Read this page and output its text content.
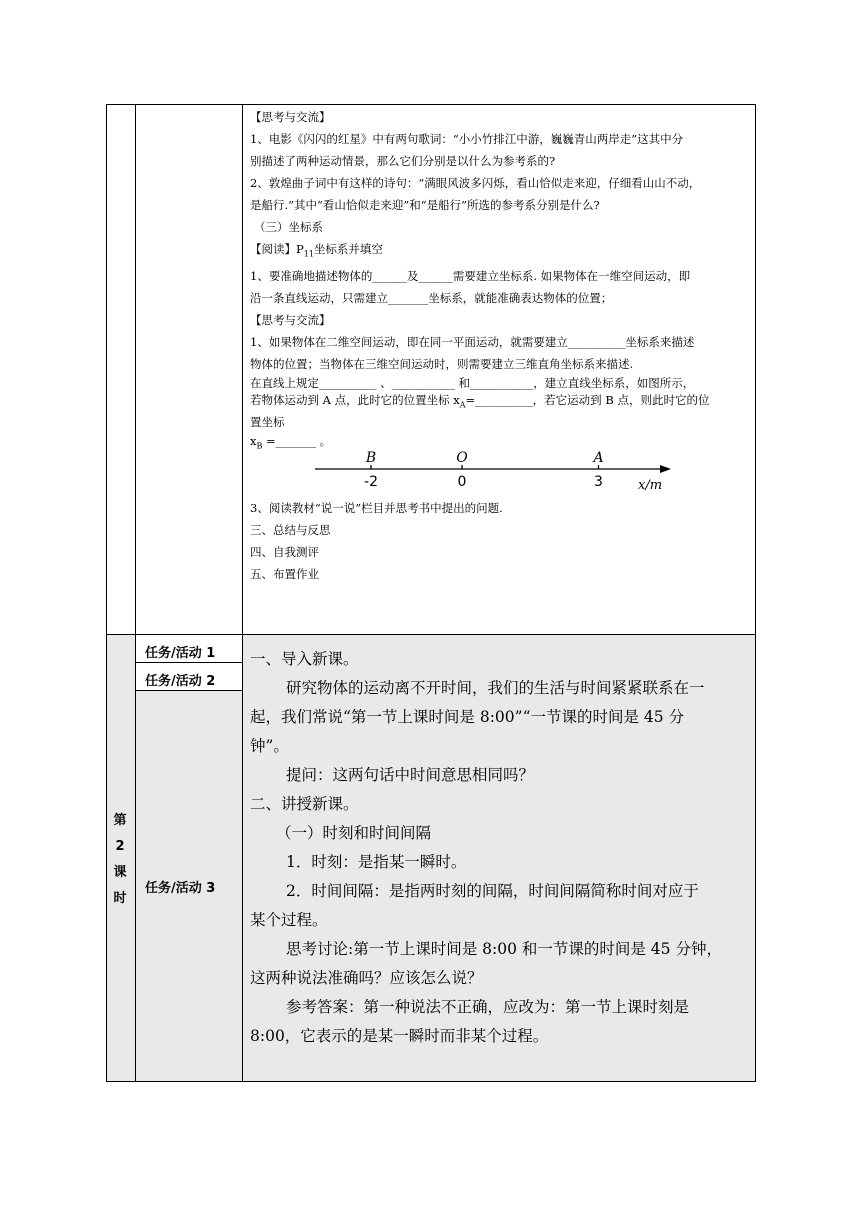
【思考与交流】
1、电影《闪闪的红星》中有两句歌词：“小小竹排江中游，巍巍青山两岸走”这其中分
别描述了两种运动情景，那么它们分别是以什么为参考系的?
2、敦煌曲子词中有这样的诗句：“满眼风波多闪烁，看山恰似走来迎，仔细看山山不动，
是船行.”其中“看山恰似走来迎”和“是船行”所选的参考系分别是什么?
（三）坐标系
【阅读】$P_{11}$坐标系并填空
1、要准确地描述物体的______及______需要建立坐标系. 如果物体在一维空间运动，即
沿一条直线运动，只需建立_______坐标系，就能准确表达物体的位置；
【思考与交流】
1、如果物体在二维空间运动，即在同一平面运动，就需要建立__________坐标系来描述
物体的位置；当物体在三维空间运动时，则需要建立三维直角坐标系来描述.
在直线上规定__________ 、___________ 和___________，建立直线坐标系，如图所示，
若物体运动到 A 点，此时它的位置坐标 $x_A=\_\_\_\_\_\_\_\_\_\_$，若它运动到 B 点，则此时它的位
置坐标
$x_B$ =_______ 。
B
-2
O
0
A
3	x/m
3、阅读教材“说一说”栏目并思考书中提出的问题.
三、总结与反思
四、自我测评
五、布置作业
任务/活动 1
任务/活动 2
任务/活动 3
第
2
课
时
一、导入新课。
研究物体的运动离不开时间，我们的生活与时间紧紧联系在一
起，我们常说“第一节上课时间是 8:00”“一节课的时间是 45 分
钟”。
提问：这两句话中时间意思相同吗？
二、讲授新课。
（一）时刻和时间间隔
1．时刻：是指某一瞬时。
2．时间间隔：是指两时刻的间隔，时间间隔简称时间对应于
某个过程。
思考讨论:第一节上课时间是 8:00 和一节课的时间是 45 分钟，
这两种说法准确吗？应该怎么说？
参考答案：第一种说法不正确，应改为：第一节上课时刻是
8:00，它表示的是某一瞬时而非某个过程。
